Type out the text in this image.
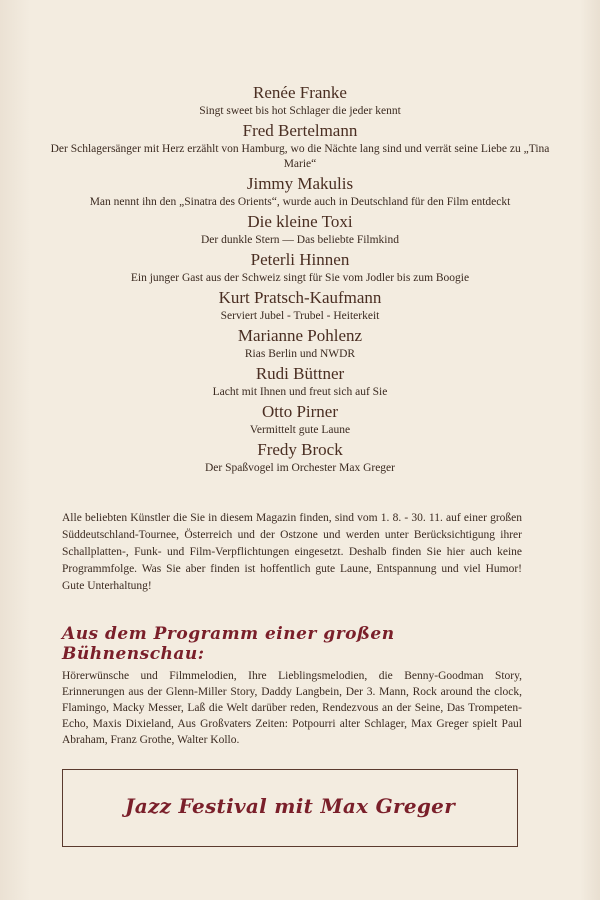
Renée Franke
Singt sweet bis hot Schlager die jeder kennt
Fred Bertelmann
Der Schlagersänger mit Herz erzählt von Hamburg, wo die Nächte lang sind und verrät seine Liebe zu „Tina Marie“
Jimmy Makulis
Man nennt ihn den „Sinatra des Orients“, wurde auch in Deutschland für den Film entdeckt
Die kleine Toxi
Der dunkle Stern — Das beliebte Filmkind
Peterli Hinnen
Ein junger Gast aus der Schweiz singt für Sie vom Jodler bis zum Boogie
Kurt Pratsch-Kaufmann
Serviert Jubel - Trubel - Heiterkeit
Marianne Pohlenz
Rias Berlin und NWDR
Rudi Büttner
Lacht mit Ihnen und freut sich auf Sie
Otto Pirner
Vermittelt gute Laune
Fredy Brock
Der Spaßvogel im Orchester Max Greger

Alle beliebten Künstler die Sie in diesem Magazin finden, sind vom 1. 8. - 30. 11. auf einer großen Süddeutschland-Tournee, Österreich und der Ostzone und werden unter Berücksichtigung ihrer Schallplatten-, Funk- und Film-Verpflichtungen eingesetzt. Deshalb finden Sie hier auch keine Programmfolge. Was Sie aber finden ist hoffentlich gute Laune, Entspannung und viel Humor! Gute Unterhaltung!

Aus dem Programm einer großen Bühnenschau:

Hörerwünsche und Filmmelodien, Ihre Lieblingsmelodien, die Benny-Goodman Story, Erinnerungen aus der Glenn-Miller Story, Daddy Langbein, Der 3. Mann, Rock around the clock, Flamingo, Macky Messer, Laß die Welt darüber reden, Rendezvous an der Seine, Das Trompeten-Echo, Maxis Dixieland, Aus Großvaters Zeiten: Potpourri alter Schlager, Max Greger spielt Paul Abraham, Franz Grothe, Walter Kollo.

Jazz Festival mit Max Greger
